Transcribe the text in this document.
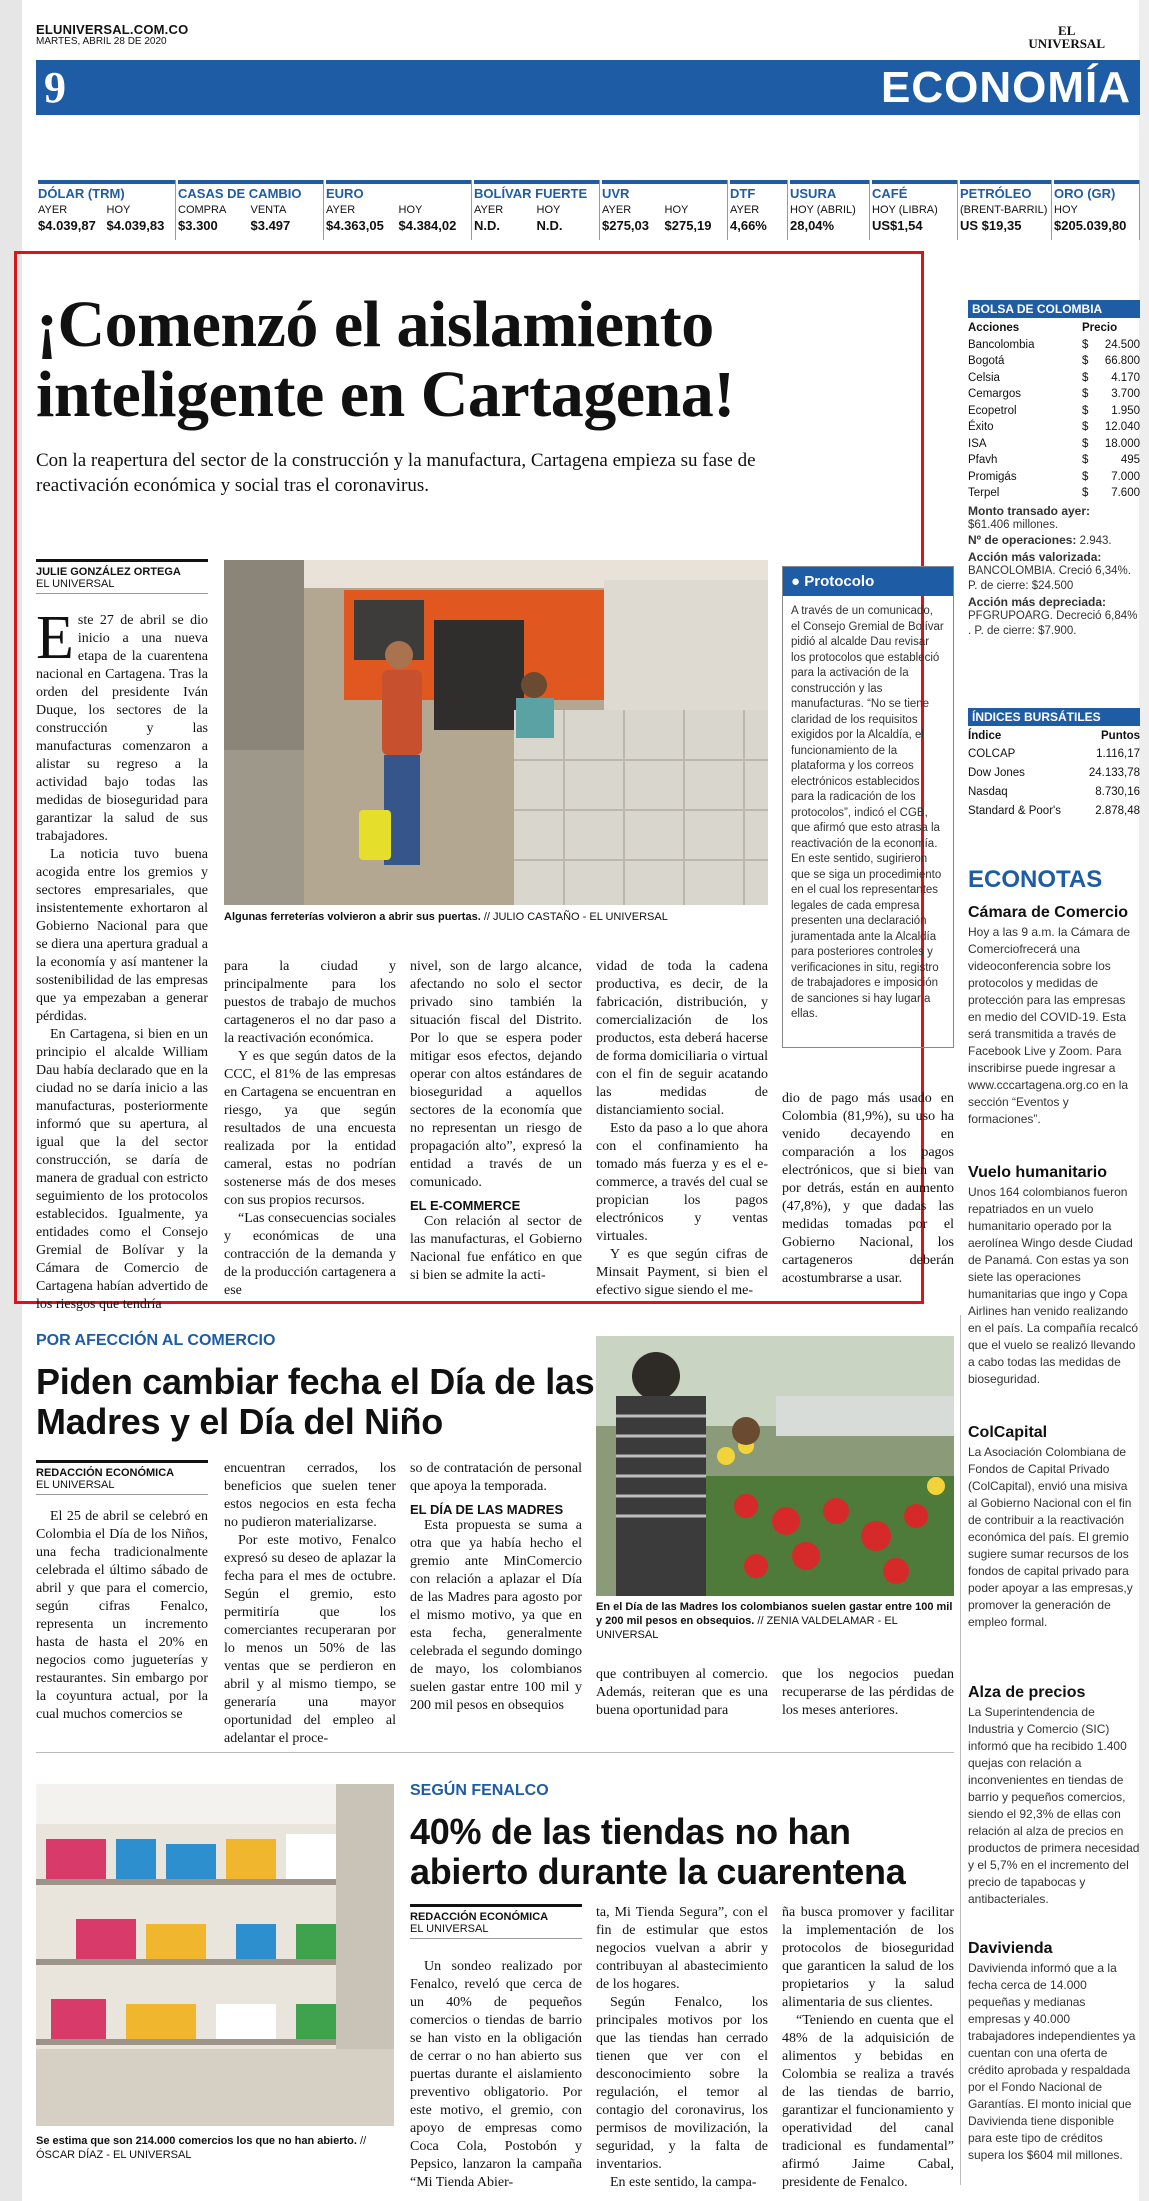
ELUNIVERSAL.COM.CO
MARTES, ABRIL 28 DE 2020
EL
UNIVERSAL
9	ECONOMÍA
DÓLAR (TRM)
AYER	HOY
$4.039,87 $4.039,83
CASAS DE CAMBIO
COMPRA	VENTA
$3.300	$3.497
EURO
AYER	HOY
$4.363,05	$4.384,02
BOLÍVAR FUERTE
AYER	HOY
N.D.	N.D.
UVR
AYER	HOY
$275,03	$275,19
DTF
AYER
4,66%
USURA
HOY (ABRIL)
28,04%
CAFÉ
HOY (LIBRA)
US$1,54
PETRÓLEO
(BRENT-BARRIL)
US $19,35
ORO (GR)
HOY
$205.039,80
¡Comenzó el aislamiento inteligente en Cartagena!
Con la reapertura del sector de la construcción y la manufactura, Cartagena empieza su fase de reactivación económica y social tras el coronavirus.
JULIE GONZÁLEZ ORTEGA
EL UNIVERSAL

Este 27 de abril se dio inicio a una nueva etapa de la cuarentena nacional en Cartagena. Tras la orden del presidente Iván Duque, los sectores de la construcción y las manufacturas comenzaron a alistar su regreso a la actividad bajo todas las medidas de bioseguridad para garantizar la salud de sus trabajadores.

La noticia tuvo buena acogida entre los gremios y sectores empresariales, que insistentemente exhortaron al Gobierno Nacional para que se diera una apertura gradual a la economía y así mantener la sostenibilidad de las empresas que ya empezaban a generar pérdidas.

En Cartagena, si bien en un principio el alcalde William Dau había declarado que en la ciudad no se daría inicio a las manufacturas, posteriormente informó que su apertura, al igual que la del sector construcción, se daría de manera de gradual con estricto seguimiento de los protocolos establecidos. Igualmente, ya entidades como el Consejo Gremial de Bolívar y la Cámara de Comercio de Cartagena habían advertido de los riesgos que tendría

Algunas ferreterías volvieron a abrir sus puertas. // JULIO CASTAÑO - EL UNIVERSAL

para la ciudad y principalmente para los puestos de trabajo de muchos cartageneros el no dar paso a la reactivación económica.

Y es que según datos de la CCC, el 81% de las empresas en Cartagena se encuentran en riesgo, ya que según resultados de una encuesta realizada por la entidad cameral, estas no podrían sostenerse más de dos meses con sus propios recursos.

“Las consecuencias sociales y económicas de una contracción de la demanda y de la producción cartagenera a ese

nivel, son de largo alcance, afectando no solo el sector privado sino también la situación fiscal del Distrito. Por lo que se espera poder mitigar esos efectos, dejando operar con altos estándares de bioseguridad a aquellos sectores de la economía que no representan un riesgo de propagación alto”, expresó la entidad a través de un comunicado.

EL E-COMMERCE

Con relación al sector de las manufacturas, el Gobierno Nacional fue enfático en que si bien se admite la acti-

vidad de toda la cadena productiva, es decir, de la fabricación, distribución, y comercialización de los productos, esta deberá hacerse de forma domiciliaria o virtual con el fin de seguir acatando las medidas de distanciamiento social.

Esto da paso a lo que ahora con el confinamiento ha tomado más fuerza y es el e-commerce, a través del cual se propician los pagos electrónicos y ventas virtuales.

Y es que según cifras de Minsait Payment, si bien el efectivo sigue siendo el me-

dio de pago más usado en Colombia (81,9%), su uso ha venido decayendo en comparación a los pagos electrónicos, que si bien van por detrás, están en aumento (47,8%), y que dadas las medidas tomadas por el Gobierno Nacional, los cartageneros deberán acostumbrarse a usar.

● Protocolo

A través de un comunicado, el Consejo Gremial de Bolívar pidió al alcalde Dau revisar los protocolos que estableció para la activación de la construcción y las manufacturas. “No se tiene claridad de los requisitos exigidos por la Alcaldía, el funcionamiento de la plataforma y los correos electrónicos establecidos para la radicación de los protocolos”, indicó el CGB, que afirmó que esto atrasa la reactivación de la economía.

En este sentido, sugirieron que se siga un procedimiento en el cual los representantes legales de cada empresa presenten una declaración juramentada ante la Alcaldía para posteriores controles y verificaciones in situ, registro de trabajadores e imposición de sanciones si hay lugar a ellas.

BOLSA DE COLOMBIA
Acciones	Precio
Bancolombia	$	24.500
Bogotá	$	66.800
Celsia	$	4.170
Cemargos	$	3.700
Ecopetrol	$	1.950
Éxito	$	12.040
ISA	$	18.000
Pfavh	$	495
Promigás	$	7.000
Terpel	$	7.600
Monto transado ayer:
$61.406 millones.
Nº de operaciones: 2.943.
Acción más valorizada:
BANCOLOMBIA. Creció 6,34%. P. de cierre: $24.500
Acción más depreciada:
PFGRUPOARG. Decreció 6,84% . P. de cierre: $7.900.
ÍNDICES BURSÁTILES
Índice	Puntos
COLCAP	1.116,17
Dow Jones	24.133,78
Nasdaq	8.730,16
Standard & Poor's	2.878,48
ECONOTAS
Cámara de Comercio
Hoy a las 9 a.m. la Cámara de Comerciofrecerá una videoconferencia sobre los protocolos y medidas de protección para las empresas en medio del COVID-19. Esta será transmitida a través de Facebook Live y Zoom. Para inscribirse puede ingresar a www.cccartagena.org.co en la sección “Eventos y formaciones”.
Vuelo humanitario
Unos 164 colombianos fueron repatriados en un vuelo humanitario operado por la aerolínea Wingo desde Ciudad de Panamá. Con estas ya son siete las operaciones humanitarias que ingo y Copa Airlines han venido realizando en el país. La compañía recalcó que el vuelo se realizó llevando a cabo todas las medidas de bioseguridad.
ColCapital
La Asociación Colombiana de Fondos de Capital Privado (ColCapital), envió una misiva al Gobierno Nacional con el fin de contribuir a la reactivación económica del país. El gremio sugiere sumar recursos de los fondos de capital privado para poder apoyar a las empresas,y promover la generación de empleo formal.
Alza de precios
La Superintendencia de Industria y Comercio (SIC) informó que ha recibido 1.400 quejas con relación a inconvenientes en tiendas de barrio y pequeños comercios, siendo el 92,3% de ellas con relación al alza de precios en productos de primera necesidad y el 5,7% en el incremento del precio de tapabocas y antibacteriales.
Davivienda
Davivienda informó que a la fecha cerca de 14.000 pequeñas y medianas empresas y 40.000 trabajadores independientes ya cuentan con una oferta de crédito aprobada y respaldada por el Fondo Nacional de Garantías. El monto inicial que Davivienda tiene disponible para este tipo de créditos supera los $604 mil millones.
POR AFECCIÓN AL COMERCIO
Piden cambiar fecha el Día de las Madres y el Día del Niño
REDACCIÓN ECONÓMICA
EL UNIVERSAL

El 25 de abril se celebró en Colombia el Día de los Niños, una fecha tradicionalmente celebrada el último sábado de abril y que para el comercio, según cifras Fenalco, representa un incremento hasta de hasta el 20% en negocios como jugueterías y restaurantes. Sin embargo por la coyuntura actual, por la cual muchos comercios se

encuentran cerrados, los beneficios que suelen tener estos negocios en esta fecha no pudieron materializarse.

Por este motivo, Fenalco expresó su deseo de aplazar la fecha para el mes de octubre. Según el gremio, esto permitiría que los comerciantes recuperaran por lo menos un 50% de las ventas que se perdieron en abril y al mismo tiempo, se generaría una mayor oportunidad del empleo al adelantar el proce-

so de contratación de personal que apoya la temporada.

EL DÍA DE LAS MADRES

Esta propuesta se suma a otra que ya había hecho el gremio ante MinComercio con relación a aplazar el Día de las Madres para agosto por el mismo motivo, ya que en esta fecha, generalmente celebrada el segundo domingo de mayo, los colombianos suelen gastar entre 100 mil y 200 mil pesos en obsequios

En el Día de las Madres los colombianos suelen gastar entre 100 mil y 200 mil pesos en obsequios. // ZENIA VALDELAMAR - EL UNIVERSAL

que contribuyen al comercio. Además, reiteran que es una buena oportunidad para

que los negocios puedan recuperarse de las pérdidas de los meses anteriores.

Se estima que son 214.000 comercios los que no han abierto. // ÓSCAR DÍAZ - EL UNIVERSAL
SEGÚN FENALCO
40% de las tiendas no han abierto durante la cuarentena
REDACCIÓN ECONÓMICA
EL UNIVERSAL

Un sondeo realizado por Fenalco, reveló que cerca de un 40% de pequeños comercios o tiendas de barrio se han visto en la obligación de cerrar o no han abierto sus puertas durante el aislamiento preventivo obligatorio. Por este motivo, el gremio, con apoyo de empresas como Coca Cola, Postobón y Pepsico, lanzaron la campaña “Mi Tienda Abier-

ta, Mi Tienda Segura”, con el fin de estimular que estos negocios vuelvan a abrir y contribuyan al abastecimiento de los hogares.

Según Fenalco, los principales motivos por los que las tiendas han cerrado tienen que ver con el desconocimiento sobre la regulación, el temor al contagio del coronavirus, los permisos de movilización, la seguridad, y la falta de inventarios.

En este sentido, la campa-

ña busca promover y facilitar la implementación de los protocolos de bioseguridad que garanticen la salud de los propietarios y la salud alimentaria de sus clientes.

“Teniendo en cuenta que el 48% de la adquisición de alimentos y bebidas en Colombia se realiza a través de las tiendas de barrio, garantizar el funcionamiento y operatividad del canal tradicional es fundamental” afirmó Jaime Cabal, presidente de Fenalco.
